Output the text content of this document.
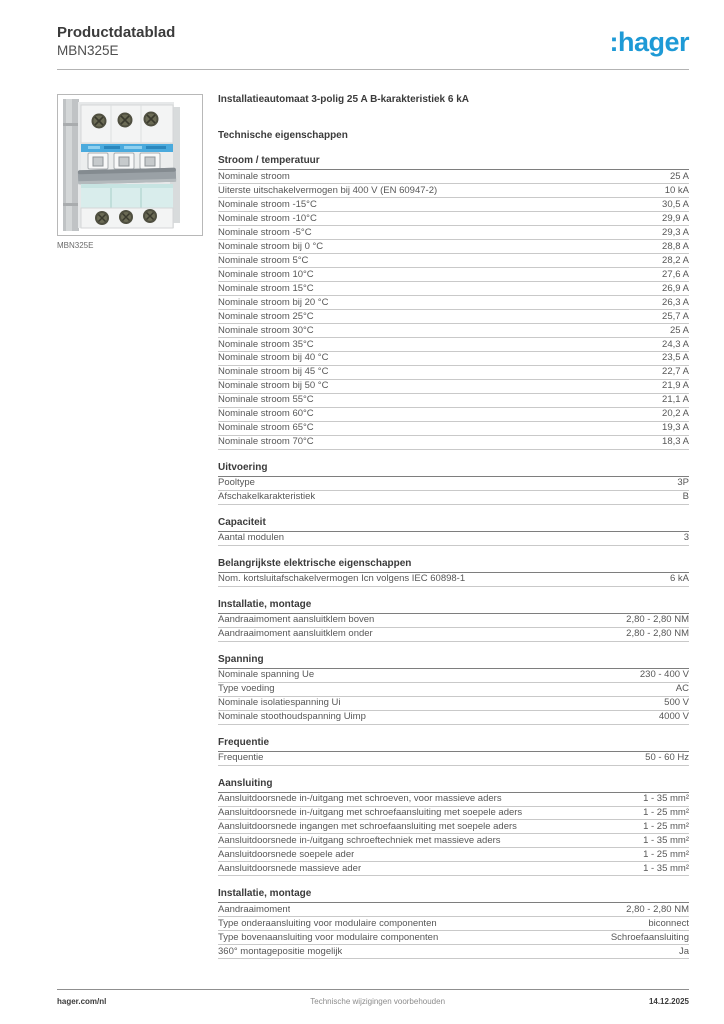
Productdatablad
MBN325E	:hager
MBN325E
Installatieautomaat 3-polig 25 A B-karakteristiek 6 kA
Technische eigenschappen
Stroom / temperatuur
Nominale stroom	25 A
Uiterste uitschakelvermogen bij 400 V (EN 60947-2)	10 kA
Nominale stroom -15°C	30,5 A
Nominale stroom -10°C	29,9 A
Nominale stroom -5°C	29,3 A
Nominale stroom bij 0 °C	28,8 A
Nominale stroom 5°C	28,2 A
Nominale stroom 10°C	27,6 A
Nominale stroom 15°C	26,9 A
Nominale stroom bij 20 °C	26,3 A
Nominale stroom 25°C	25,7 A
Nominale stroom 30°C	25 A
Nominale stroom 35°C	24,3 A
Nominale stroom bij 40 °C	23,5 A
Nominale stroom bij 45 °C	22,7 A
Nominale stroom bij 50 °C	21,9 A
Nominale stroom 55°C	21,1 A
Nominale stroom 60°C	20,2 A
Nominale stroom 65°C	19,3 A
Nominale stroom 70°C	18,3 A
Uitvoering
Pooltype	3P
Afschakelkarakteristiek	B
Capaciteit
Aantal modulen	3
Belangrijkste elektrische eigenschappen
Nom. kortsluitafschakelvermogen Icn volgens IEC 60898-1	6 kA
Installatie, montage
Aandraaimoment aansluitklem boven	2,80 - 2,80 NM
Aandraaimoment aansluitklem onder	2,80 - 2,80 NM
Spanning
Nominale spanning Ue	230 - 400 V
Type voeding	AC
Nominale isolatiespanning Ui	500 V
Nominale stoothoudspanning Uimp	4000 V
Frequentie
Frequentie	50 - 60 Hz
Aansluiting
Aansluitdoorsnede in-/uitgang met schroeven, voor massieve aders	1 - 35 mm²
Aansluitdoorsnede in-/uitgang met schroefaansluiting met soepele aders	1 - 25 mm²
Aansluitdoorsnede ingangen met schroefaansluiting met soepele aders	1 - 25 mm²
Aansluitdoorsnede in-/uitgang schroeftechniek met massieve aders	1 - 35 mm²
Aansluitdoorsnede soepele ader	1 - 25 mm²
Aansluitdoorsnede massieve ader	1 - 35 mm²
Installatie, montage
Aandraaimoment	2,80 - 2,80 NM
Type onderaansluiting voor modulaire componenten	biconnect
Type bovenaansluiting voor modulaire componenten	Schroefaansluiting
360° montagepositie mogelijk	Ja
hager.com/nl	Technische wijzigingen voorbehouden	14.12.2025
